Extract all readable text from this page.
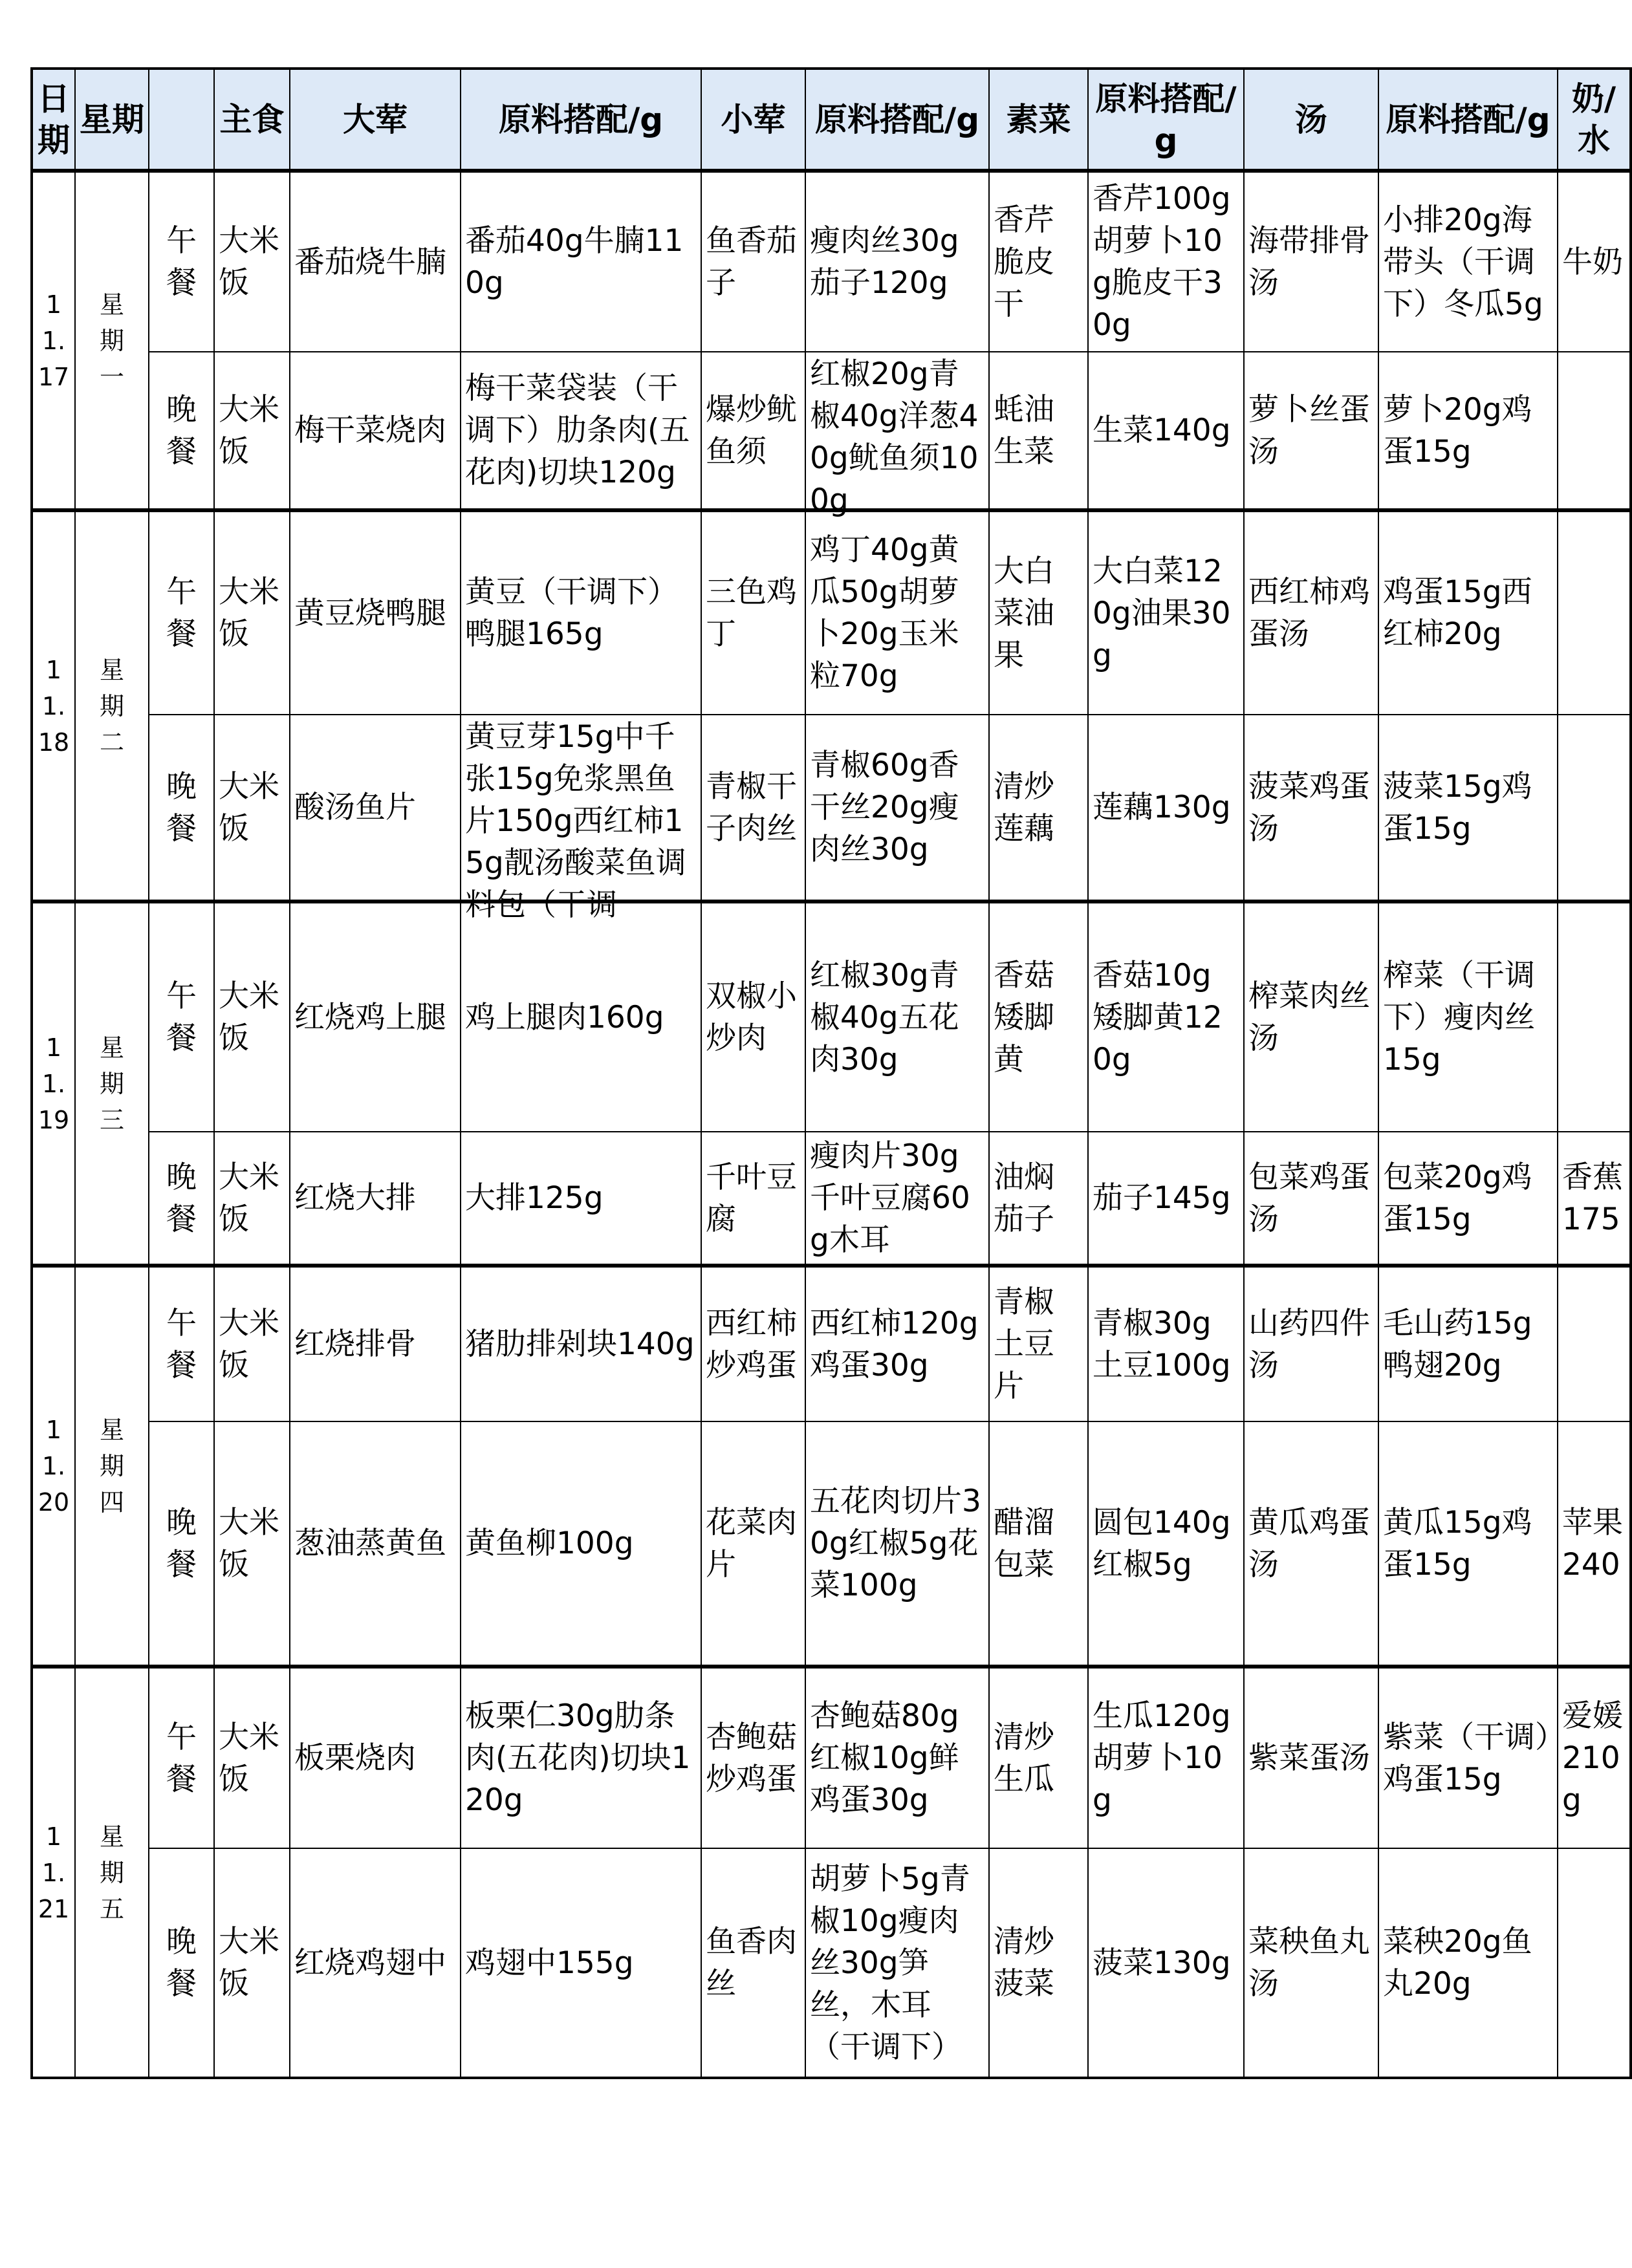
日期	星期		主食	大荤	原料搭配/g	小荤	原料搭配/g	素菜	原料搭配/g	汤	原料搭配/g	奶/水

11.17	星期一	午餐	大米饭	番茄烧牛腩	番茄40g牛腩110g	鱼香茄子	瘦肉丝30g茄子120g	香芹脆皮干	香芹100g胡萝卜10g脆皮干30g	海带排骨汤	小排20g海带头（干调下）冬瓜5g	牛奶

		晚餐	大米饭	梅干菜烧肉	梅干菜袋装（干调下）肋条肉(五花肉)切块120g	爆炒鱿鱼须	红椒20g青椒40g洋葱40g鱿鱼须100g	蚝油生菜	生菜140g	萝卜丝蛋汤	萝卜20g鸡蛋15g	

11.18	星期二	午餐	大米饭	黄豆烧鸭腿	黄豆（干调下）鸭腿165g	三色鸡丁	鸡丁40g黄瓜50g胡萝卜20g玉米粒70g	大白菜油果	大白菜120g油果30g	西红柿鸡蛋汤	鸡蛋15g西红柿20g	

		晚餐	大米饭	酸汤鱼片	黄豆芽15g中千张15g免浆黑鱼片150g西红柿15g靓汤酸菜鱼调料包（干调	青椒干子肉丝	青椒60g香干丝20g瘦肉丝30g	清炒莲藕	莲藕130g	菠菜鸡蛋汤	菠菜15g鸡蛋15g	

11.19	星期三	午餐	大米饭	红烧鸡上腿	鸡上腿肉160g	双椒小炒肉	红椒30g青椒40g五花肉30g	香菇矮脚黄	香菇10g矮脚黄120g	榨菜肉丝汤	榨菜（干调下）瘦肉丝15g	

		晚餐	大米饭	红烧大排	大排125g	千叶豆腐	瘦肉片30g千叶豆腐60g木耳	油焖茄子	茄子145g	包菜鸡蛋汤	包菜20g鸡蛋15g	香蕉175

11.20	星期四	午餐	大米饭	红烧排骨	猪肋排剁块140g	西红柿炒鸡蛋	西红柿120g鸡蛋30g	青椒土豆片	青椒30g土豆100g	山药四件汤	毛山药15g鸭翅20g	

		晚餐	大米饭	葱油蒸黄鱼	黄鱼柳100g	花菜肉片	五花肉切片30g红椒5g花菜100g	醋溜包菜	圆包140g红椒5g	黄瓜鸡蛋汤	黄瓜15g鸡蛋15g	苹果240

11.21	星期五	午餐	大米饭	板栗烧肉	板栗仁30g肋条肉(五花肉)切块120g	杏鲍菇炒鸡蛋	杏鲍菇80g红椒10g鲜鸡蛋30g	清炒生瓜	生瓜120g胡萝卜10g	紫菜蛋汤	紫菜（干调）鸡蛋15g	爱媛210g

		晚餐	大米饭	红烧鸡翅中	鸡翅中155g	鱼香肉丝	胡萝卜5g青椒10g瘦肉丝30g笋丝，木耳（干调下）	清炒菠菜	菠菜130g	菜秧鱼丸汤	菜秧20g鱼丸20g	
